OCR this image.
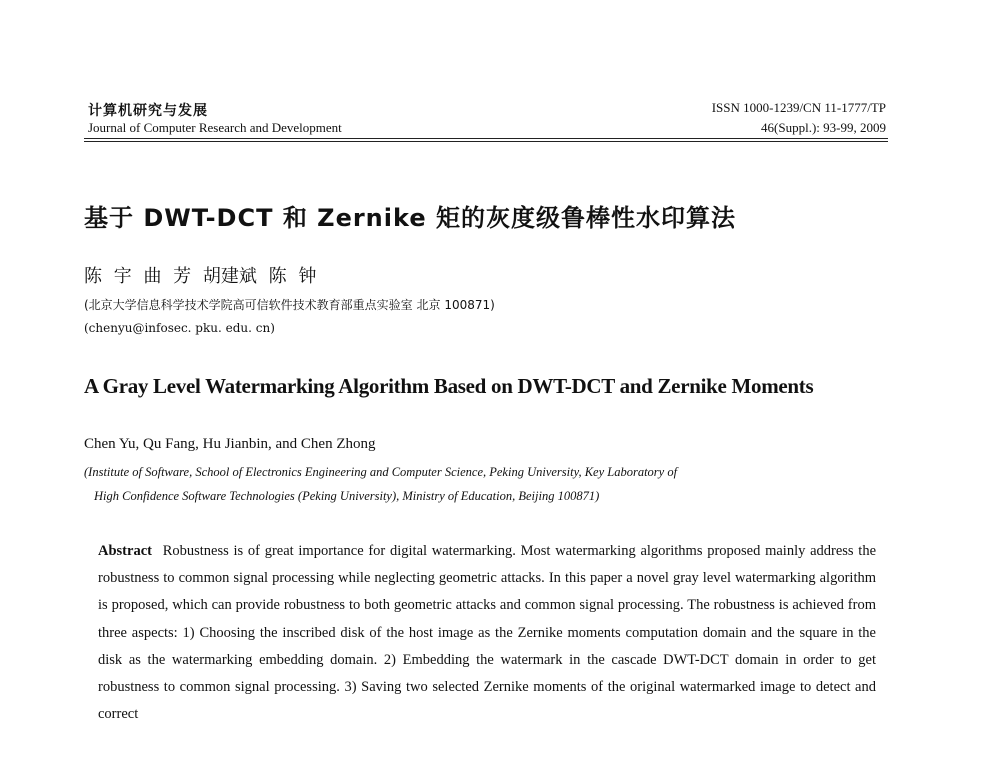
计算机研究与发展
Journal of Computer Research and Development
ISSN 1000-1239/CN 11-1777/TP
46(Suppl.): 93-99, 2009
基于 DWT-DCT 和 Zernike 矩的灰度级鲁棒性水印算法
陈 宇 曲 芳 胡建斌 陈 钟
(北京大学信息科学技术学院高可信软件技术教育部重点实验室 北京 100871)
(chenyu@infosec. pku. edu. cn)
A Gray Level Watermarking Algorithm Based on DWT-DCT and Zernike Moments
Chen Yu, Qu Fang, Hu Jianbin, and Chen Zhong
(Institute of Software, School of Electronics Engineering and Computer Science, Peking University, Key Laboratory of
High Confidence Software Technologies (Peking University), Ministry of Education, Beijing 100871)
Abstract Robustness is of great importance for digital watermarking. Most watermarking algorithms proposed mainly address the robustness to common signal processing while neglecting geometric attacks. In this paper a novel gray level watermarking algorithm is proposed, which can provide robustness to both geometric attacks and common signal processing. The robustness is achieved from three aspects: 1) Choosing the inscribed disk of the host image as the Zernike moments computation domain and the square in the disk as the watermarking embedding domain. 2) Embedding the watermark in the cascade DWT-DCT domain in order to get robustness to common signal processing. 3) Saving two selected Zernike moments of the original watermarked image to detect and correct
